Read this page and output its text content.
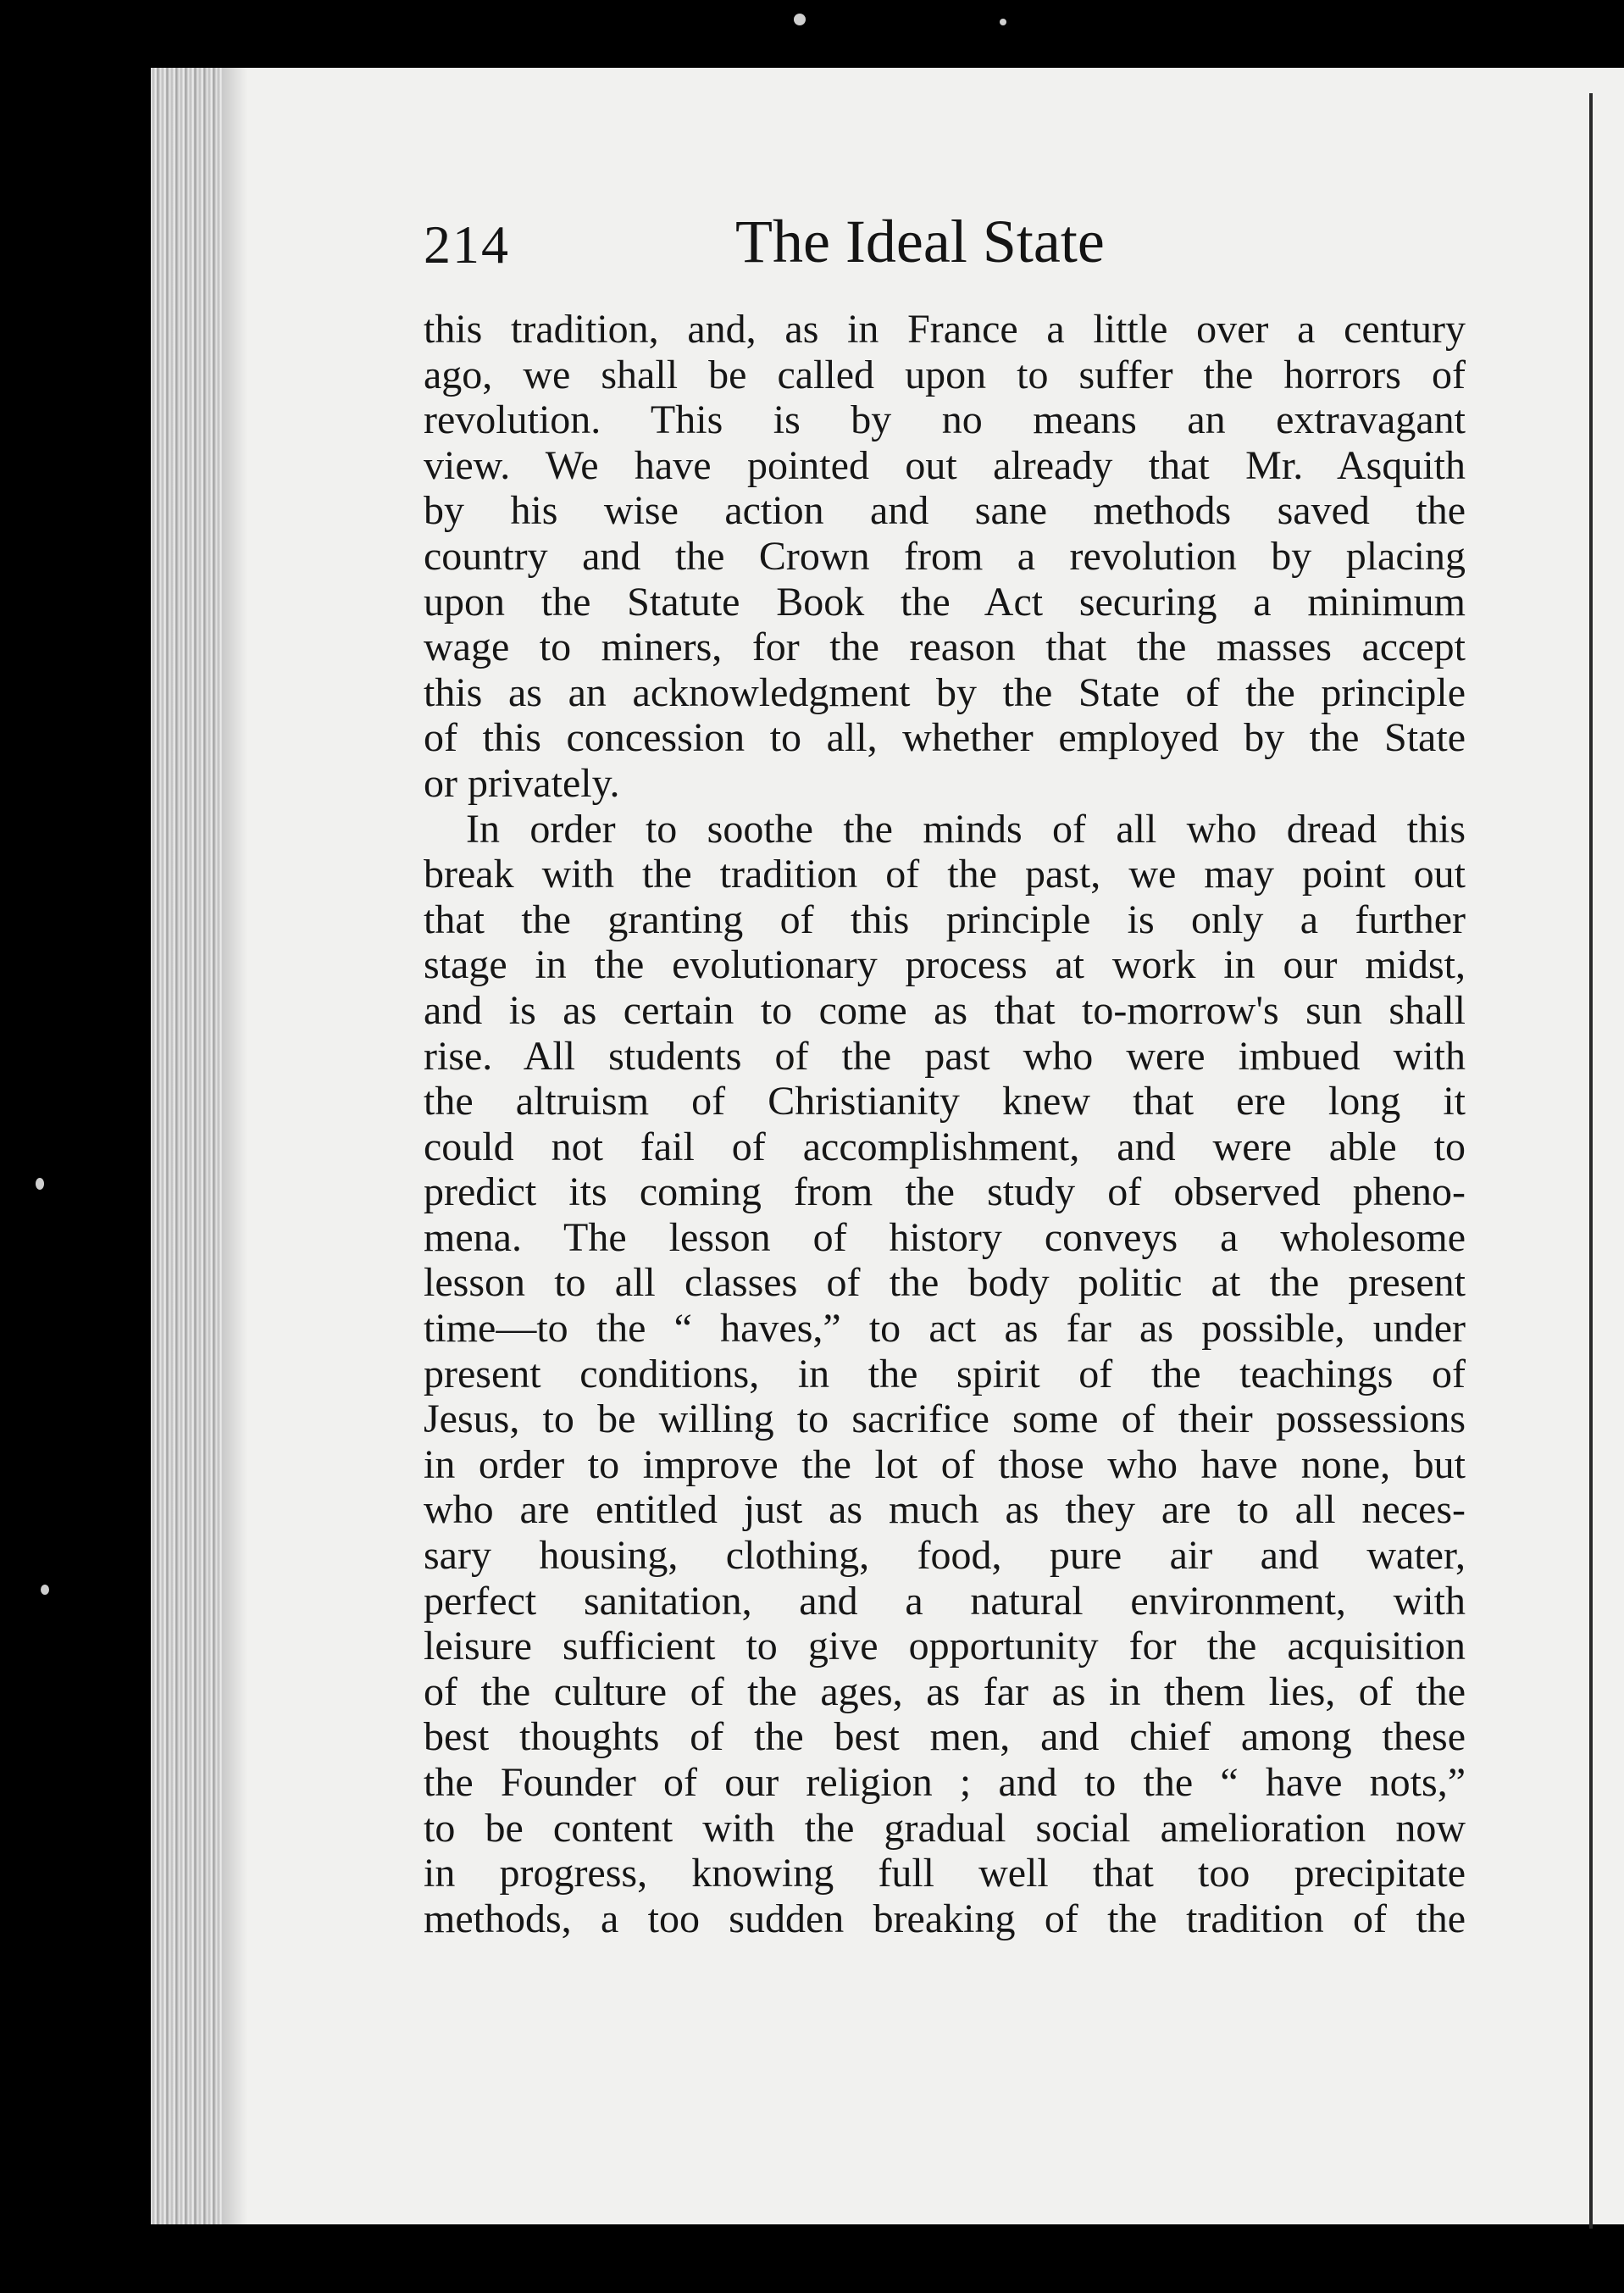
214	The Ideal State
this tradition, and, as in France a little over a century
ago, we shall be called upon to suffer the horrors of
revolution. This is by no means an extravagant
view. We have pointed out already that Mr. Asquith
by his wise action and sane methods saved the
country and the Crown from a revolution by placing
upon the Statute Book the Act securing a minimum
wage to miners, for the reason that the masses accept
this as an acknowledgment by the State of the principle
of this concession to all, whether employed by the State
or privately.
In order to soothe the minds of all who dread this
break with the tradition of the past, we may point out
that the granting of this principle is only a further
stage in the evolutionary process at work in our midst,
and is as certain to come as that to-morrow's sun shall
rise. All students of the past who were imbued with
the altruism of Christianity knew that ere long it
could not fail of accomplishment, and were able to
predict its coming from the study of observed pheno-
mena. The lesson of history conveys a wholesome
lesson to all classes of the body politic at the present
time—to the “ haves,” to act as far as possible, under
present conditions, in the spirit of the teachings of
Jesus, to be willing to sacrifice some of their possessions
in order to improve the lot of those who have none, but
who are entitled just as much as they are to all neces-
sary housing, clothing, food, pure air and water,
perfect sanitation, and a natural environment, with
leisure sufficient to give opportunity for the acquisition
of the culture of the ages, as far as in them lies, of the
best thoughts of the best men, and chief among these
the Founder of our religion ; and to the “ have nots,”
to be content with the gradual social amelioration now
in progress, knowing full well that too precipitate
methods, a too sudden breaking of the tradition of the
